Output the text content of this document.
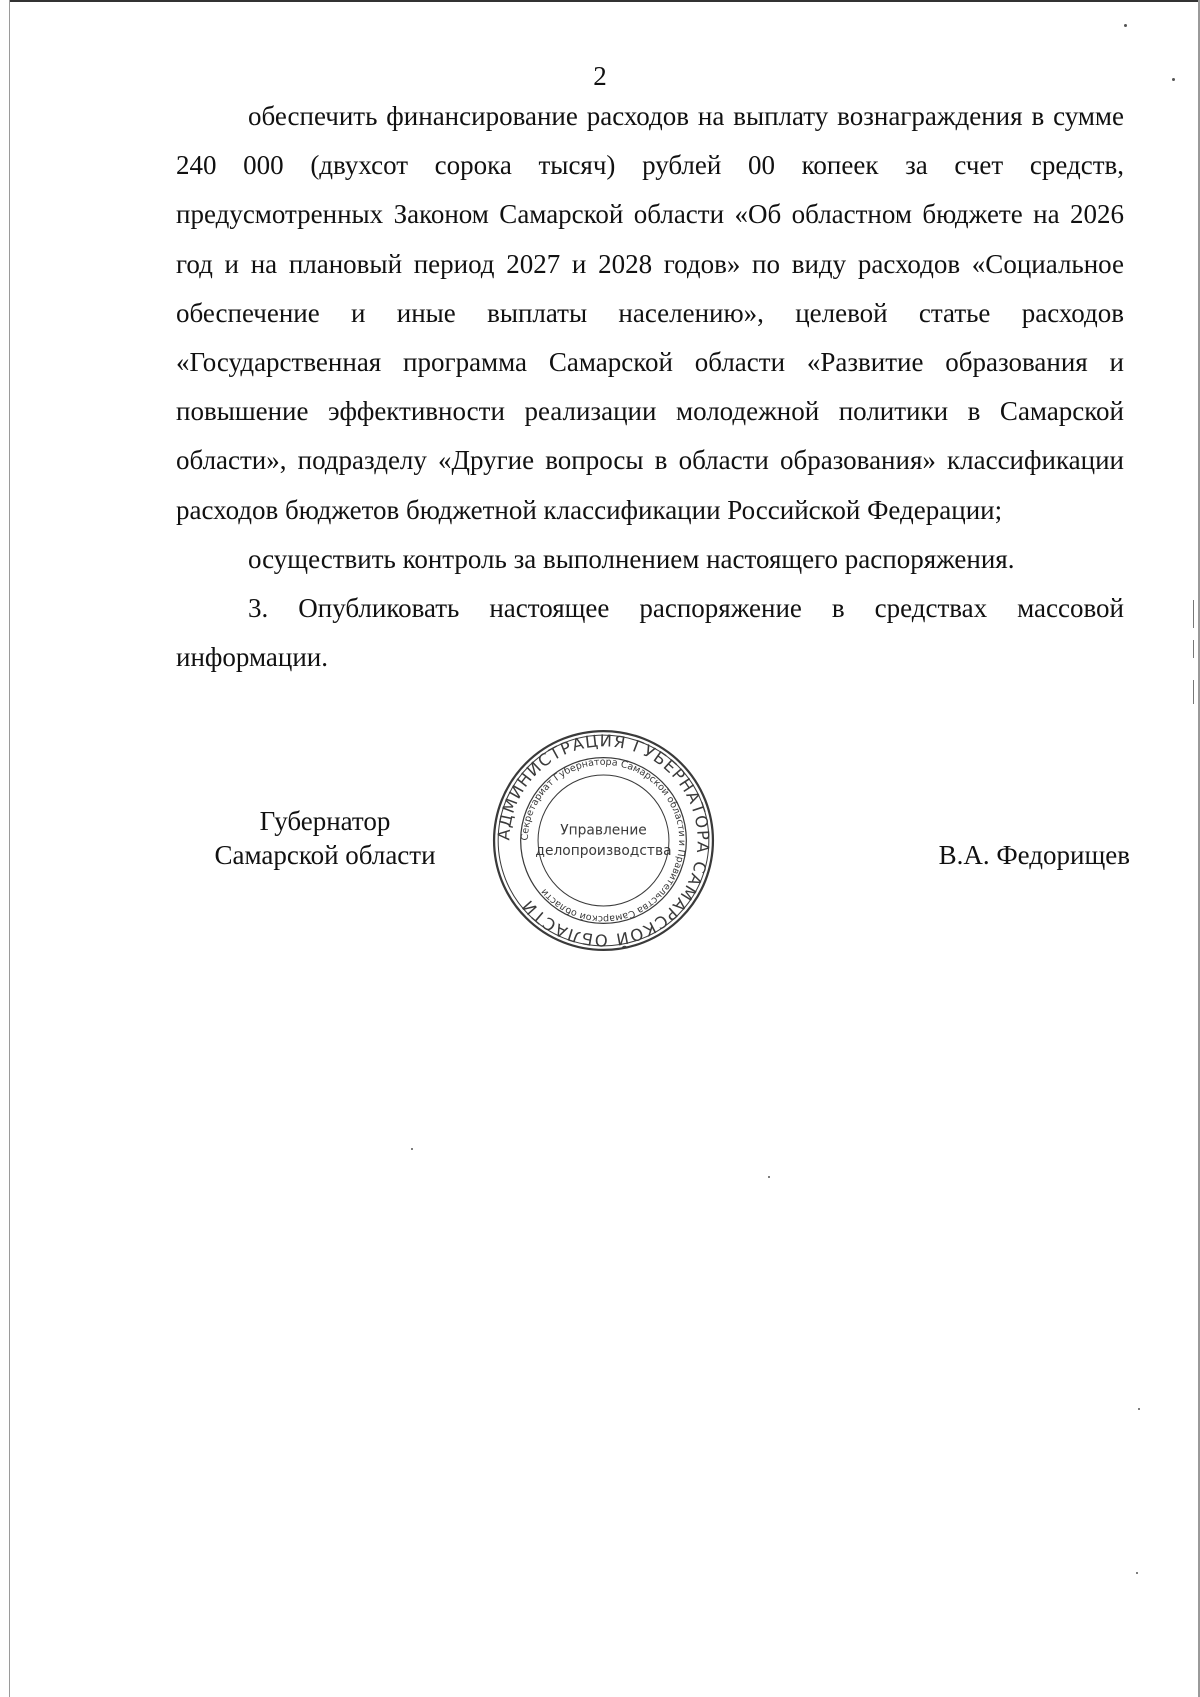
2

обеспечить финансирование расходов на выплату вознаграждения в сумме 240 000 (двухсот сорока тысяч) рублей 00 копеек за счет средств, предусмотренных Законом Самарской области «Об областном бюджете на 2026 год и на плановый период 2027 и 2028 годов» по виду расходов «Социальное обеспечение и иные выплаты населению», целевой статье расходов «Государственная программа Самарской области «Развитие образования и повышение эффективности реализации молодежной политики в Самарской области», подразделу «Другие вопросы в области образования» классификации расходов бюджетов бюджетной классификации Российской Федерации;

осуществить контроль за выполнением настоящего распоряжения.

3. Опубликовать настоящее распоряжение в средствах массовой информации.

Губернатор
Самарской области
АДМИНИСТРАЦИЯ ГУБЕРНАТОРА САМАРСКОЙ ОБЛАСТИ
Секретариат Губернатора Самарской области и Правительства Самарской области
Управление
делопроизводства	В.А. Федорищев
